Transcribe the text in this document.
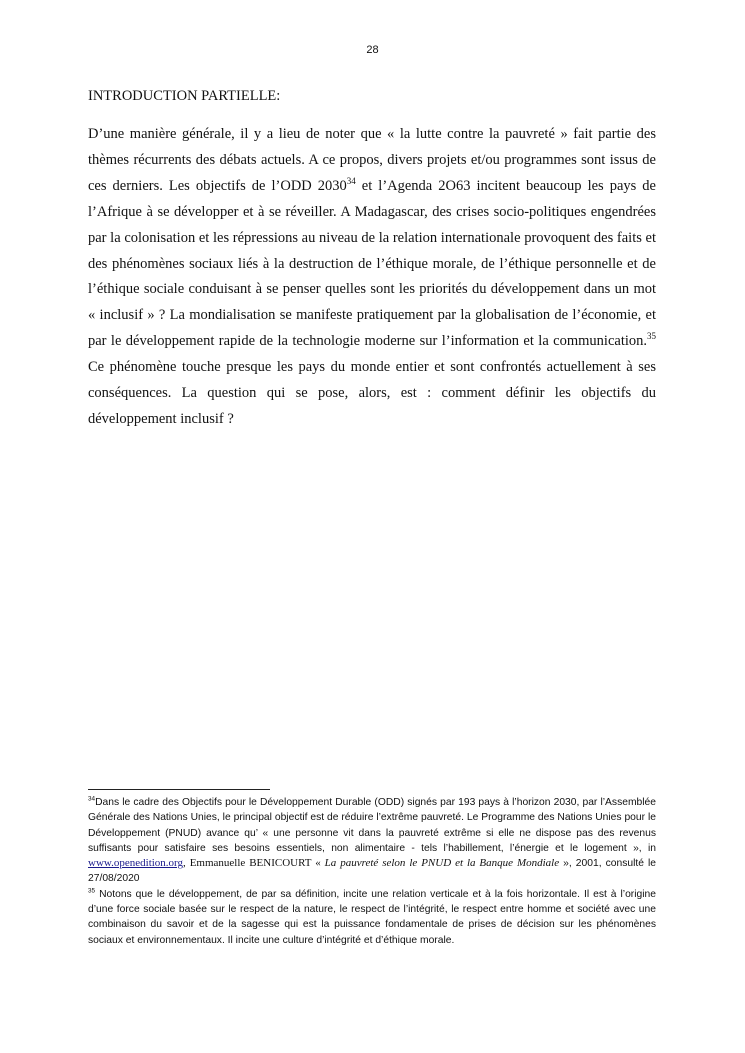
28
INTRODUCTION PARTIELLE:

D’une manière générale, il y a lieu de noter que « la lutte contre la pauvreté » fait partie des thèmes récurrents des débats actuels. A ce propos, divers projets et/ou programmes sont issus de ces derniers. Les objectifs de l’ODD 2030$^{34}$ et l’Agenda 2O63 incitent beaucoup les pays de l’Afrique à se développer et à se réveiller. A Madagascar, des crises socio-politiques engendrées par la colonisation et les répressions au niveau de la relation internationale provoquent des faits et des phénomènes sociaux liés à la destruction de l’éthique morale, de l’éthique personnelle et de l’éthique sociale conduisant à se penser quelles sont les priorités du développement dans un mot « inclusif » ? La mondialisation se manifeste pratiquement par la globalisation de l’économie, et par le développement rapide de la technologie moderne sur l’information et la communication.$^{35}$ Ce phénomène touche presque les pays du monde entier et sont confrontés actuellement à ses conséquences. La question qui se pose, alors, est : comment définir les objectifs du développement inclusif ?

$^{34}$Dans le cadre des Objectifs pour le Développement Durable (ODD) signés par 193 pays à l’horizon 2030, par l’Assemblée Générale des Nations Unies, le principal objectif est de réduire l’extrême pauvreté. Le Programme des Nations Unies pour le Développement (PNUD) avance qu’ « une personne vit dans la pauvreté extrême si elle ne dispose pas des revenus suffisants pour satisfaire ses besoins essentiels, non alimentaire - tels l’habillement, l’énergie et le logement », in www.openedition.org, Emmanuelle BENICOURT « La pauvreté selon le PNUD et la Banque Mondiale », 2001, consulté le 27/08/2020

$^{35}$ Notons que le développement, de par sa définition, incite une relation verticale et à la fois horizontale. Il est à l’origine d’une force sociale basée sur le respect de la nature, le respect de l’intégrité, le respect entre homme et société avec une combinaison du savoir et de la sagesse qui est la puissance fondamentale de prises de décision sur les phénomènes sociaux et environnementaux. Il incite une culture d’intégrité et d’éthique morale.
